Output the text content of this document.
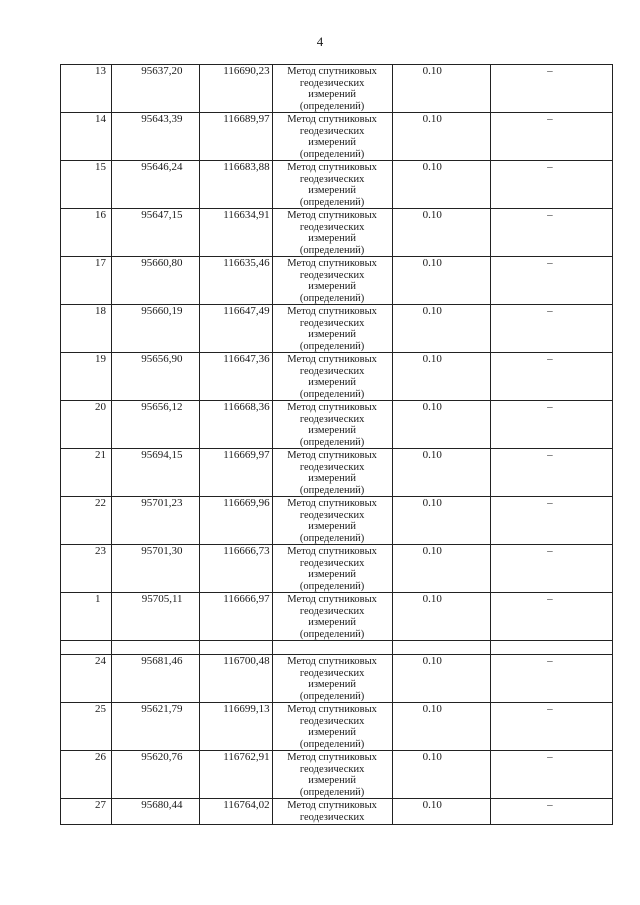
4
13	95637,20	116690,23	Метод спутниковых
геодезических
измерений
(определений)	0.10	–
14	95643,39	116689,97	Метод спутниковых
геодезических
измерений
(определений)	0.10	–
15	95646,24	116683,88	Метод спутниковых
геодезических
измерений
(определений)	0.10	–
16	95647,15	116634,91	Метод спутниковых
геодезических
измерений
(определений)	0.10	–
17	95660,80	116635,46	Метод спутниковых
геодезических
измерений
(определений)	0.10	–
18	95660,19	116647,49	Метод спутниковых
геодезических
измерений
(определений)	0.10	–
19	95656,90	116647,36	Метод спутниковых
геодезических
измерений
(определений)	0.10	–
20	95656,12	116668,36	Метод спутниковых
геодезических
измерений
(определений)	0.10	–
21	95694,15	116669,97	Метод спутниковых
геодезических
измерений
(определений)	0.10	–
22	95701,23	116669,96	Метод спутниковых
геодезических
измерений
(определений)	0.10	–
23	95701,30	116666,73	Метод спутниковых
геодезических
измерений
(определений)	0.10	–
1	95705,11	116666,97	Метод спутниковых
геодезических
измерений
(определений)	0.10	–

24	95681,46	116700,48	Метод спутниковых
геодезических
измерений
(определений)	0.10	–
25	95621,79	116699,13	Метод спутниковых
геодезических
измерений
(определений)	0.10	–
26	95620,76	116762,91	Метод спутниковых
геодезических
измерений
(определений)	0.10	–
27	95680,44	116764,02	Метод спутниковых
геодезических	0.10	–
